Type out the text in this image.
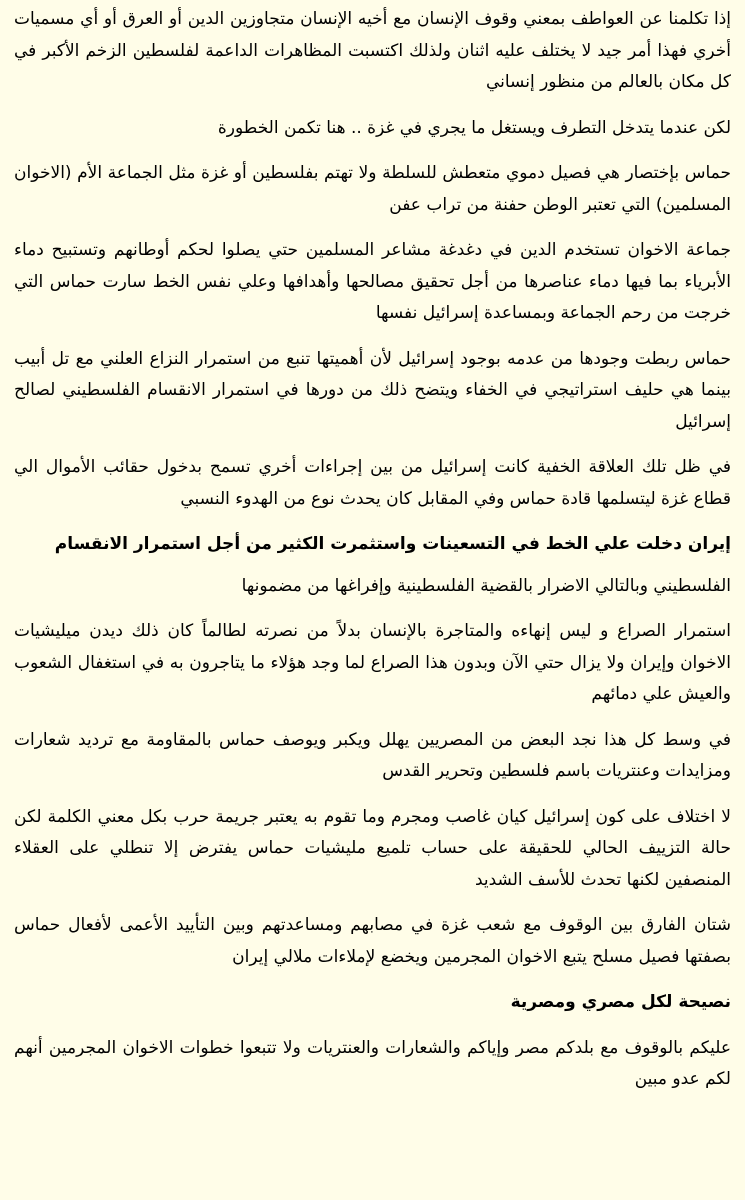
إذا تكلمنا عن العواطف بمعني وقوف الإنسان مع أخيه الإنسان متجاوزين الدين أو العرق أو أي مسميات أخري فهذا أمر جيد لا يختلف عليه اثنان ولذلك اكتسبت المظاهرات الداعمة لفلسطين الزخم الأكبر في كل مكان بالعالم من منظور إنساني

لكن عندما يتدخل التطرف ويستغل ما يجري في غزة .. هنا تكمن الخطورة

حماس بإختصار هي فصيل دموي متعطش للسلطة ولا تهتم بفلسطين أو غزة مثل الجماعة الأم (الاخوان المسلمين) التي تعتبر الوطن حفنة من تراب عفن

جماعة الاخوان تستخدم الدين في دغدغة مشاعر المسلمين حتي يصلوا لحكم أوطانهم وتستبيح دماء الأبرياء بما فيها دماء عناصرها من أجل تحقيق مصالحها وأهدافها وعلي نفس الخط سارت حماس التي خرجت من رحم الجماعة وبمساعدة إسرائيل نفسها

حماس ربطت وجودها من عدمه بوجود إسرائيل لأن أهميتها تنبع من استمرار النزاع العلني مع تل أبيب بينما هي حليف استراتيجي في الخفاء ويتضح ذلك من دورها في استمرار الانقسام الفلسطيني لصالح إسرائيل

في ظل تلك العلاقة الخفية كانت إسرائيل من بين إجراءات أخري تسمح بدخول حقائب الأموال الي قطاع غزة ليتسلمها قادة حماس وفي المقابل كان يحدث نوع من الهدوء النسبي

إيران دخلت علي الخط في التسعينات واستثمرت الكثير من أجل استمرار الانقسام

الفلسطيني وبالتالي الاضرار بالقضية الفلسطينية وإفراغها من مضمونها

استمرار الصراع و ليس إنهاءه والمتاجرة بالإنسان بدلاً من نصرته لطالماً كان ذلك ديدن ميليشيات الاخوان وإيران ولا يزال حتي الآن وبدون هذا الصراع لما وجد هؤلاء ما يتاجرون به في استغفال الشعوب والعيش علي دمائهم

في وسط كل هذا نجد البعض من المصريين يهلل ويكبر ويوصف حماس بالمقاومة مع ترديد شعارات ومزايدات وعنتريات باسم فلسطين وتحرير القدس

لا اختلاف على كون إسرائيل كيان غاصب ومجرم وما تقوم به يعتبر جريمة حرب بكل معني الكلمة لكن حالة التزييف الحالي للحقيقة على حساب تلميع مليشيات حماس يفترض إلا تنطلي على العقلاء المنصفين لكنها تحدث للأسف الشديد

شتان الفارق بين الوقوف مع شعب غزة في مصابهم ومساعدتهم وبين التأييد الأعمى لأفعال حماس بصفتها فصيل مسلح يتبع الاخوان المجرمين ويخضع لإملاءات ملالي إيران

نصيحة لكل مصري ومصرية

عليكم بالوقوف مع بلدكم مصر وإياكم والشعارات والعنتريات ولا تتبعوا خطوات الاخوان المجرمين أنهم لكم عدو مبين
